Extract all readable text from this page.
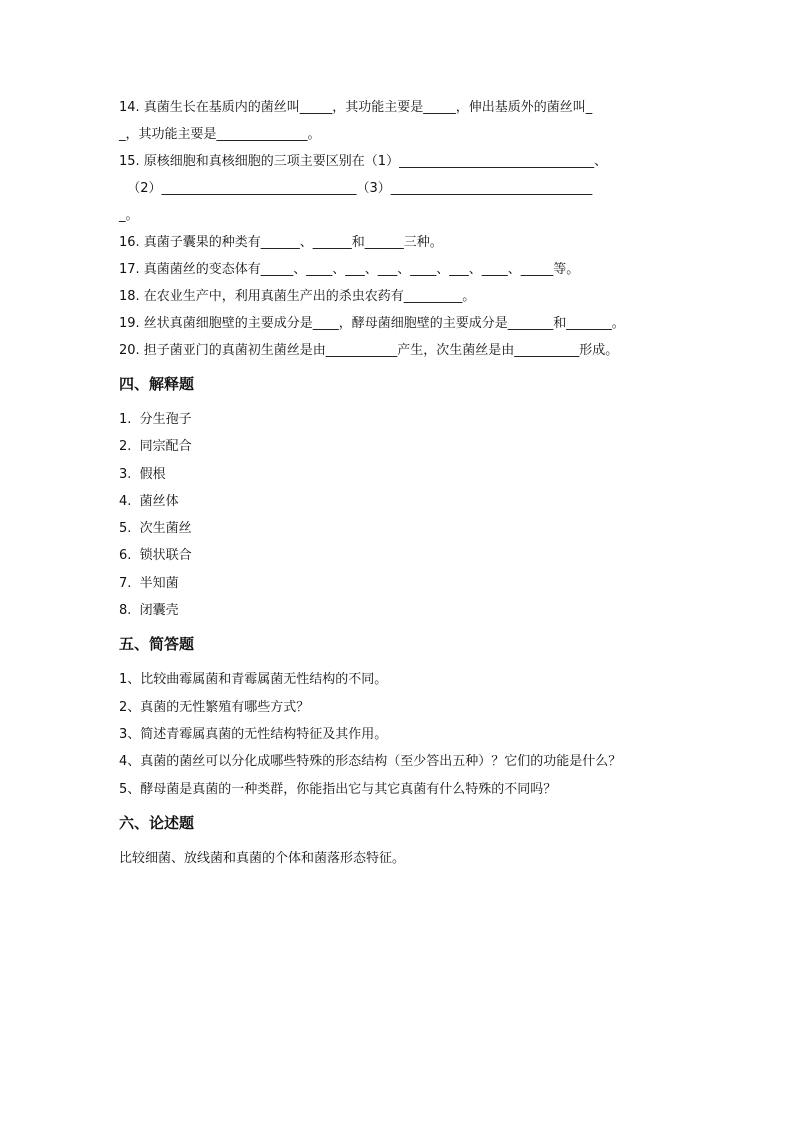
14. 真菌生长在基质内的菌丝叫_____，其功能主要是_____，伸出基质外的菌丝叫_
_，其功能主要是______________。
15. 原核细胞和真核细胞的三项主要区别在（1）______________________________、
（2）______________________________（3）_______________________________
_。
16. 真菌子囊果的种类有______、______和______三种。
17. 真菌菌丝的变态体有_____、____、___、___、____、___、____、_____等。
18. 在农业生产中，利用真菌生产出的杀虫农药有_________。
19. 丝状真菌细胞壁的主要成分是____，酵母菌细胞壁的主要成分是_______和_______。
20. 担子菌亚门的真菌初生菌丝是由___________产生，次生菌丝是由__________形成。
四、解释题
1.  分生孢子
2.  同宗配合
3.  假根
4.  菌丝体
5.  次生菌丝
6.  锁状联合
7.  半知菌
8.  闭囊壳
五、简答题
1、比较曲霉属菌和青霉属菌无性结构的不同。
2、真菌的无性繁殖有哪些方式？
3、简述青霉属真菌的无性结构特征及其作用。
4、真菌的菌丝可以分化成哪些特殊的形态结构（至少答出五种）？它们的功能是什么？
5、酵母菌是真菌的一种类群，你能指出它与其它真菌有什么特殊的不同吗？
六、论述题
比较细菌、放线菌和真菌的个体和菌落形态特征。
